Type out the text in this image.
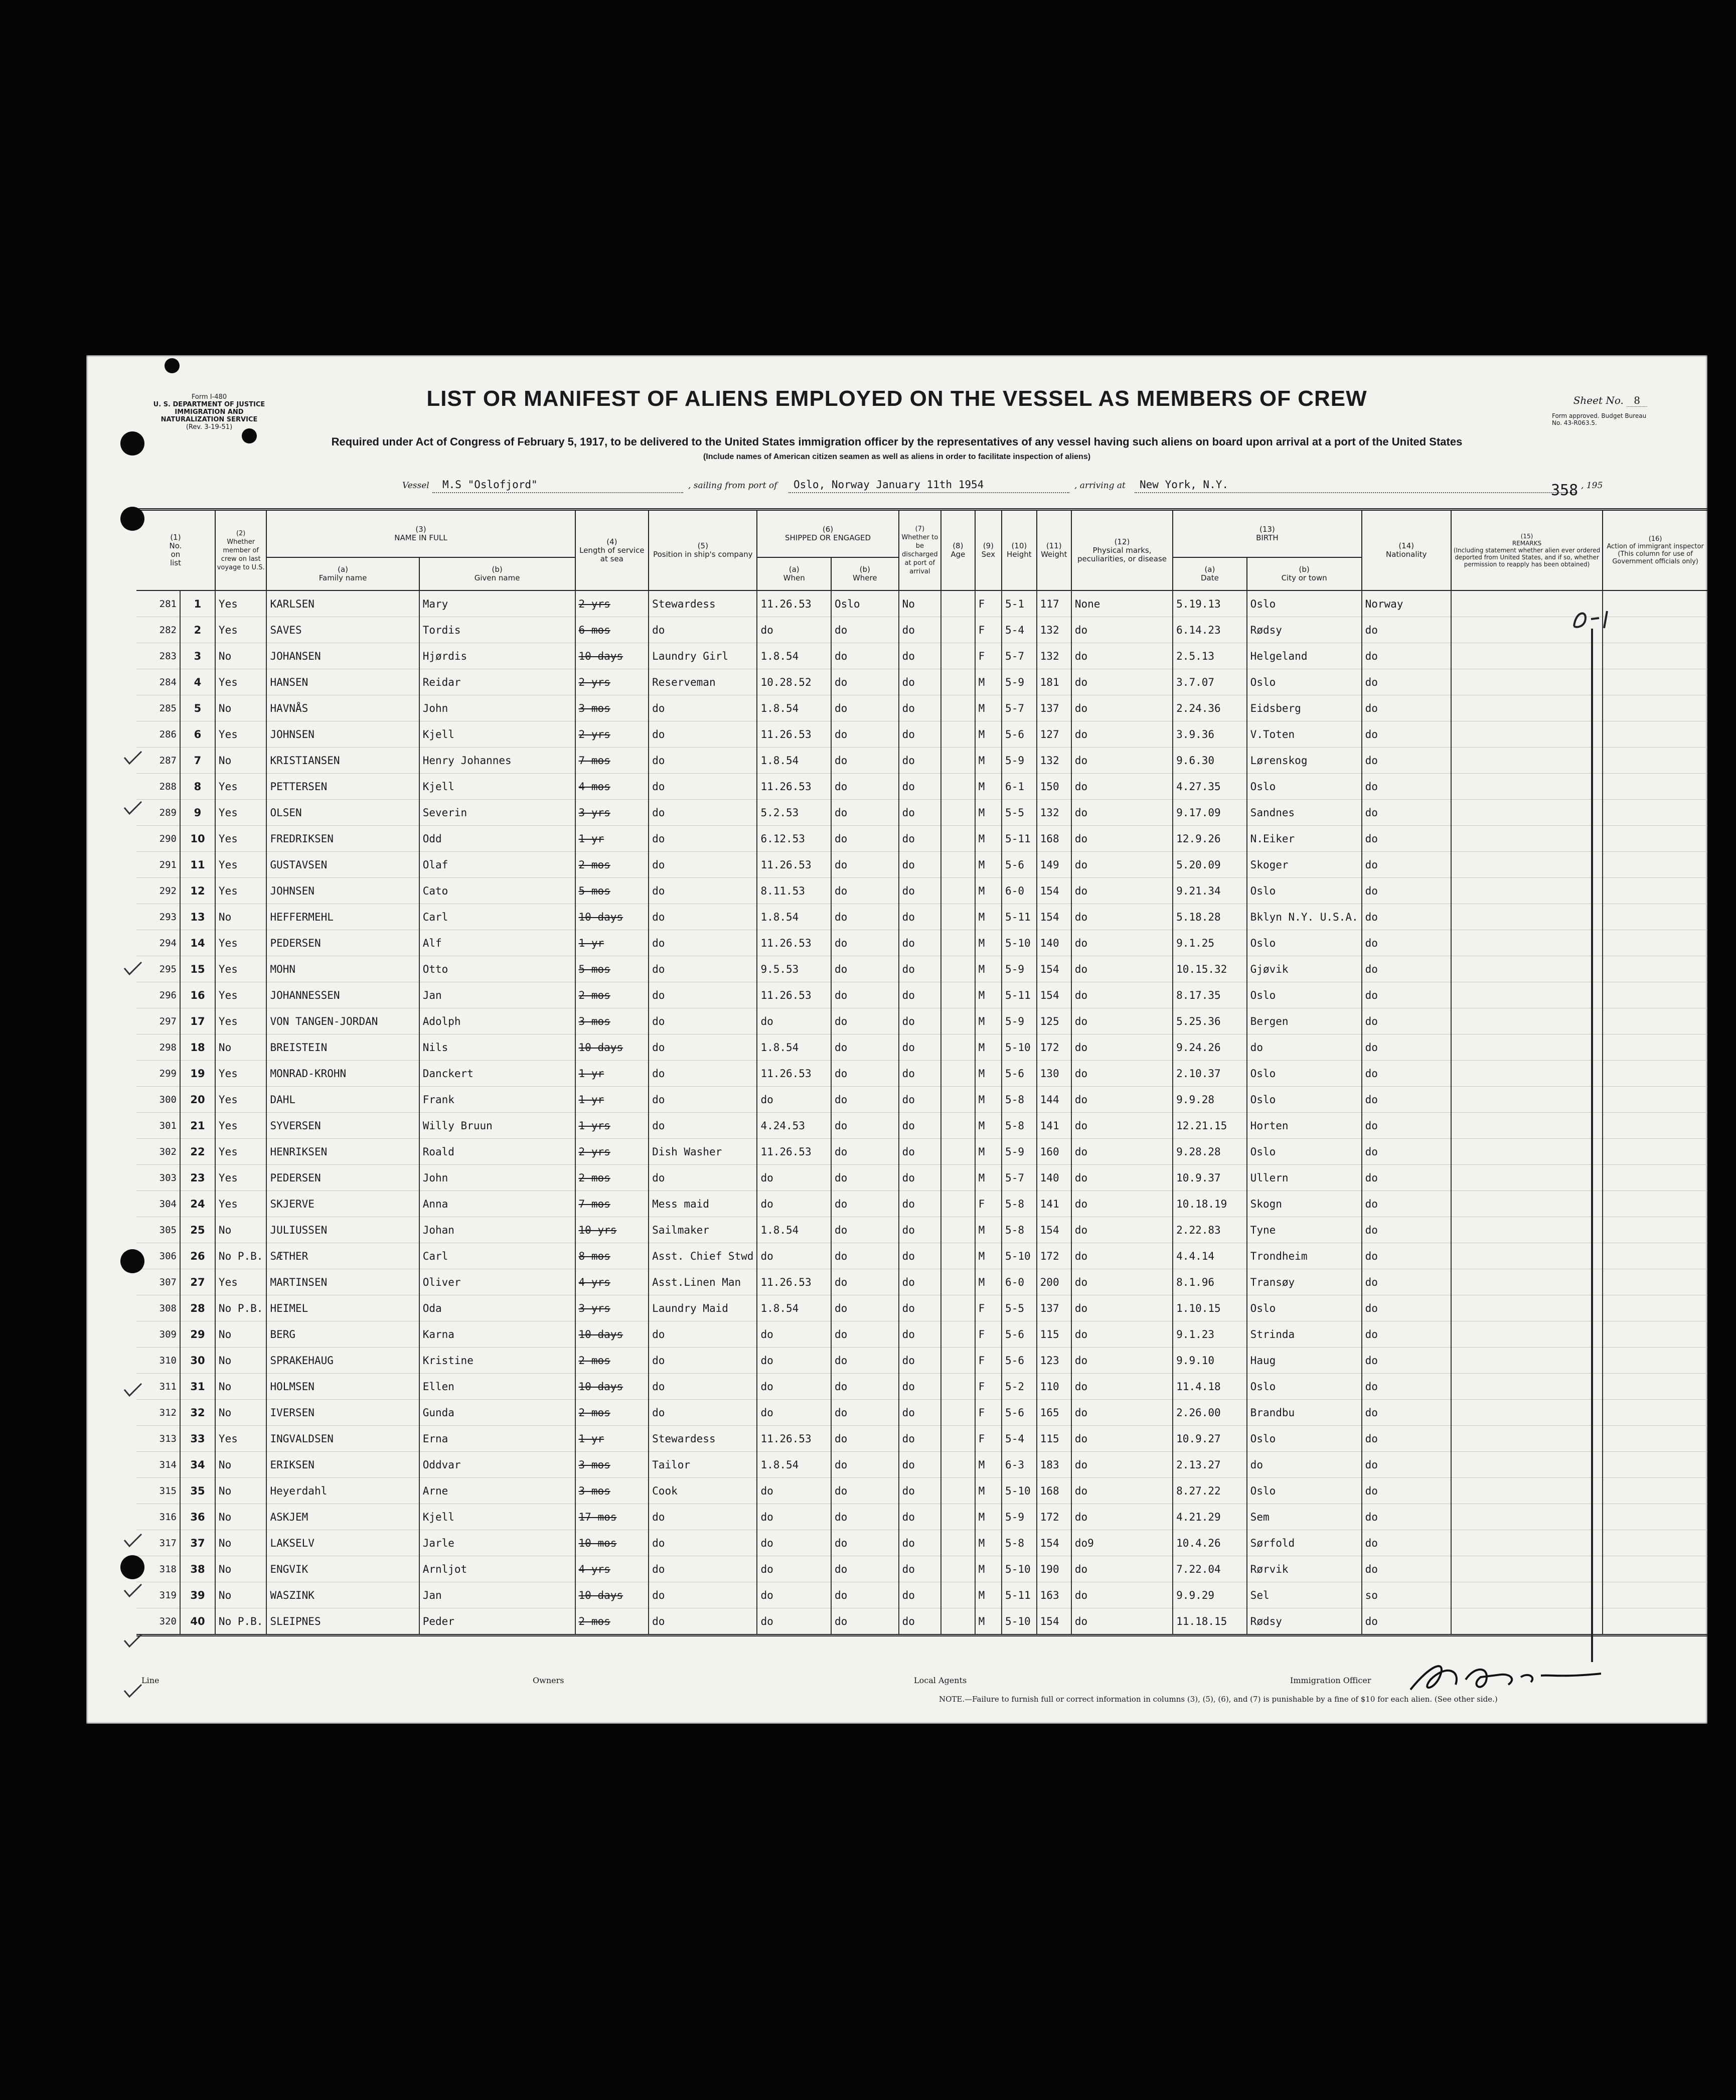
Form I-480
U. S. DEPARTMENT OF JUSTICE
IMMIGRATION AND NATURALIZATION SERVICE
(Rev. 3-19-51)
LIST OR MANIFEST OF ALIENS EMPLOYED ON THE VESSEL AS MEMBERS OF CREW	Sheet No. 8
Form approved. Budget Bureau No. 43-R063.5.
Required under Act of Congress of February 5, 1917, to be delivered to the United States immigration officer by the representatives of any vessel having such aliens on board upon arrival at a port of the United States
(Include names of American citizen seamen as well as aliens in order to facilitate inspection of aliens)
Vessel M.S "Oslofjord"	, sailing from port of Oslo, Norway January 11th 1954	, arriving at New York, N.Y.	, 195
358
(1)
No.
on
list		(2)
Whether member of crew on last voyage to U.S.	(3)
NAME IN FULL		(4)
Length of service at sea	(5)
Position in ship's company	(6)
SHIPPED OR ENGAGED		(7)
Whether to be discharged at port of arrival	(8)
Age	(9)
Sex	(10)
Height	(11)
Weight	(12)
Physical marks, peculiarities, or disease	(13)
BIRTH		(14)
Nationality	(15)
REMARKS
(Including statement whether alien ever ordered deported from United States, and if so, whether permission to reapply has been obtained)	(16)
Action of immigrant inspector
(This column for use of Government officials only)
			(a)
Family name	(b)
Given name			(a)
When	(b)
Where							(a)
Date	(b)
City or town			
281	1	Yes	KARLSEN	Mary	2 yrs	Stewardess	11.26.53	Oslo	No		F	5-1	117	None	5.19.13	Oslo	Norway		
282	2	Yes	SAVES	Tordis	6 mos	do	do	do	do		F	5-4	132	do	6.14.23	Rødsy	do		
283	3	No	JOHANSEN	Hjørdis	10 days	Laundry Girl	1.8.54	do	do		F	5-7	132	do	2.5.13	Helgeland	do		
284	4	Yes	HANSEN	Reidar	2 yrs	Reserveman	10.28.52	do	do		M	5-9	181	do	3.7.07	Oslo	do		
285	5	No	HAVNÅS	John	3 mos	do	1.8.54	do	do		M	5-7	137	do	2.24.36	Eidsberg	do		
286	6	Yes	JOHNSEN	Kjell	2 yrs	do	11.26.53	do	do		M	5-6	127	do	3.9.36	V.Toten	do		
287	7	No	KRISTIANSEN	Henry Johannes	7 mos	do	1.8.54	do	do		M	5-9	132	do	9.6.30	Lørenskog	do		
288	8	Yes	PETTERSEN	Kjell	4 mos	do	11.26.53	do	do		M	6-1	150	do	4.27.35	Oslo	do		
289	9	Yes	OLSEN	Severin	3 yrs	do	5.2.53	do	do		M	5-5	132	do	9.17.09	Sandnes	do		
290	10	Yes	FREDRIKSEN	Odd	1 yr	do	6.12.53	do	do		M	5-11	168	do	12.9.26	N.Eiker	do		
291	11	Yes	GUSTAVSEN	Olaf	2 mos	do	11.26.53	do	do		M	5-6	149	do	5.20.09	Skoger	do		
292	12	Yes	JOHNSEN	Cato	5 mos	do	8.11.53	do	do		M	6-0	154	do	9.21.34	Oslo	do		
293	13	No	HEFFERMEHL	Carl	10 days	do	1.8.54	do	do		M	5-11	154	do	5.18.28	Bklyn N.Y. U.S.A.	do		
294	14	Yes	PEDERSEN	Alf	1 yr	do	11.26.53	do	do		M	5-10	140	do	9.1.25	Oslo	do		
295	15	Yes	MOHN	Otto	5 mos	do	9.5.53	do	do		M	5-9	154	do	10.15.32	Gjøvik	do		
296	16	Yes	JOHANNESSEN	Jan	2 mos	do	11.26.53	do	do		M	5-11	154	do	8.17.35	Oslo	do		
297	17	Yes	VON TANGEN-JORDAN	Adolph	3 mos	do	do	do	do		M	5-9	125	do	5.25.36	Bergen	do		
298	18	No	BREISTEIN	Nils	10 days	do	1.8.54	do	do		M	5-10	172	do	9.24.26	do	do		
299	19	Yes	MONRAD-KROHN	Danckert	1 yr	do	11.26.53	do	do		M	5-6	130	do	2.10.37	Oslo	do		
300	20	Yes	DAHL	Frank	1 yr	do	do	do	do		M	5-8	144	do	9.9.28	Oslo	do		
301	21	Yes	SYVERSEN	Willy Bruun	1 yrs	do	4.24.53	do	do		M	5-8	141	do	12.21.15	Horten	do		
302	22	Yes	HENRIKSEN	Roald	2 yrs	Dish Washer	11.26.53	do	do		M	5-9	160	do	9.28.28	Oslo	do		
303	23	Yes	PEDERSEN	John	2 mos	do	do	do	do		M	5-7	140	do	10.9.37	Ullern	do		
304	24	Yes	SKJERVE	Anna	7 mos	Mess maid	do	do	do		F	5-8	141	do	10.18.19	Skogn	do		
305	25	No	JULIUSSEN	Johan	10 yrs	Sailmaker	1.8.54	do	do		M	5-8	154	do	2.22.83	Tyne	do		
306	26	No P.B.	SÆTHER	Carl	8 mos	Asst. Chief Stwd	do	do	do		M	5-10	172	do	4.4.14	Trondheim	do		
307	27	Yes	MARTINSEN	Oliver	4 yrs	Asst.Linen Man	11.26.53	do	do		M	6-0	200	do	8.1.96	Transøy	do		
308	28	No P.B.	HEIMEL	Oda	3 yrs	Laundry Maid	1.8.54	do	do		F	5-5	137	do	1.10.15	Oslo	do		
309	29	No	BERG	Karna	10 days	do	do	do	do		F	5-6	115	do	9.1.23	Strinda	do		
310	30	No	SPRAKEHAUG	Kristine	2 mos	do	do	do	do		F	5-6	123	do	9.9.10	Haug	do		
311	31	No	HOLMSEN	Ellen	10 days	do	do	do	do		F	5-2	110	do	11.4.18	Oslo	do		
312	32	No	IVERSEN	Gunda	2 mos	do	do	do	do		F	5-6	165	do	2.26.00	Brandbu	do		
313	33	Yes	INGVALDSEN	Erna	1 yr	Stewardess	11.26.53	do	do		F	5-4	115	do	10.9.27	Oslo	do		
314	34	No	ERIKSEN	Oddvar	3 mos	Tailor	1.8.54	do	do		M	6-3	183	do	2.13.27	do	do		
315	35	No	Heyerdahl	Arne	3 mos	Cook	do	do	do		M	5-10	168	do	8.27.22	Oslo	do		
316	36	No	ASKJEM	Kjell	17 mos	do	do	do	do		M	5-9	172	do	4.21.29	Sem	do		
317	37	No	LAKSELV	Jarle	10 mos	do	do	do	do		M	5-8	154	do9	10.4.26	Sørfold	do		
318	38	No	ENGVIK	Arnljot	4 yrs	do	do	do	do		M	5-10	190	do	7.22.04	Rørvik	do		
319	39	No	WASZINK	Jan	10 days	do	do	do	do		M	5-11	163	do	9.9.29	Sel	so		
320	40	No P.B.	SLEIPNES	Peder	2 mos	do	do	do	do		M	5-10	154	do	11.18.15	Rødsy	do		
Line	Owners	Local Agents	Immigration Officer
NOTE.—Failure to furnish full or correct information in columns (3), (5), (6), and (7) is punishable by a fine of $10 for each alien. (See other side.)
